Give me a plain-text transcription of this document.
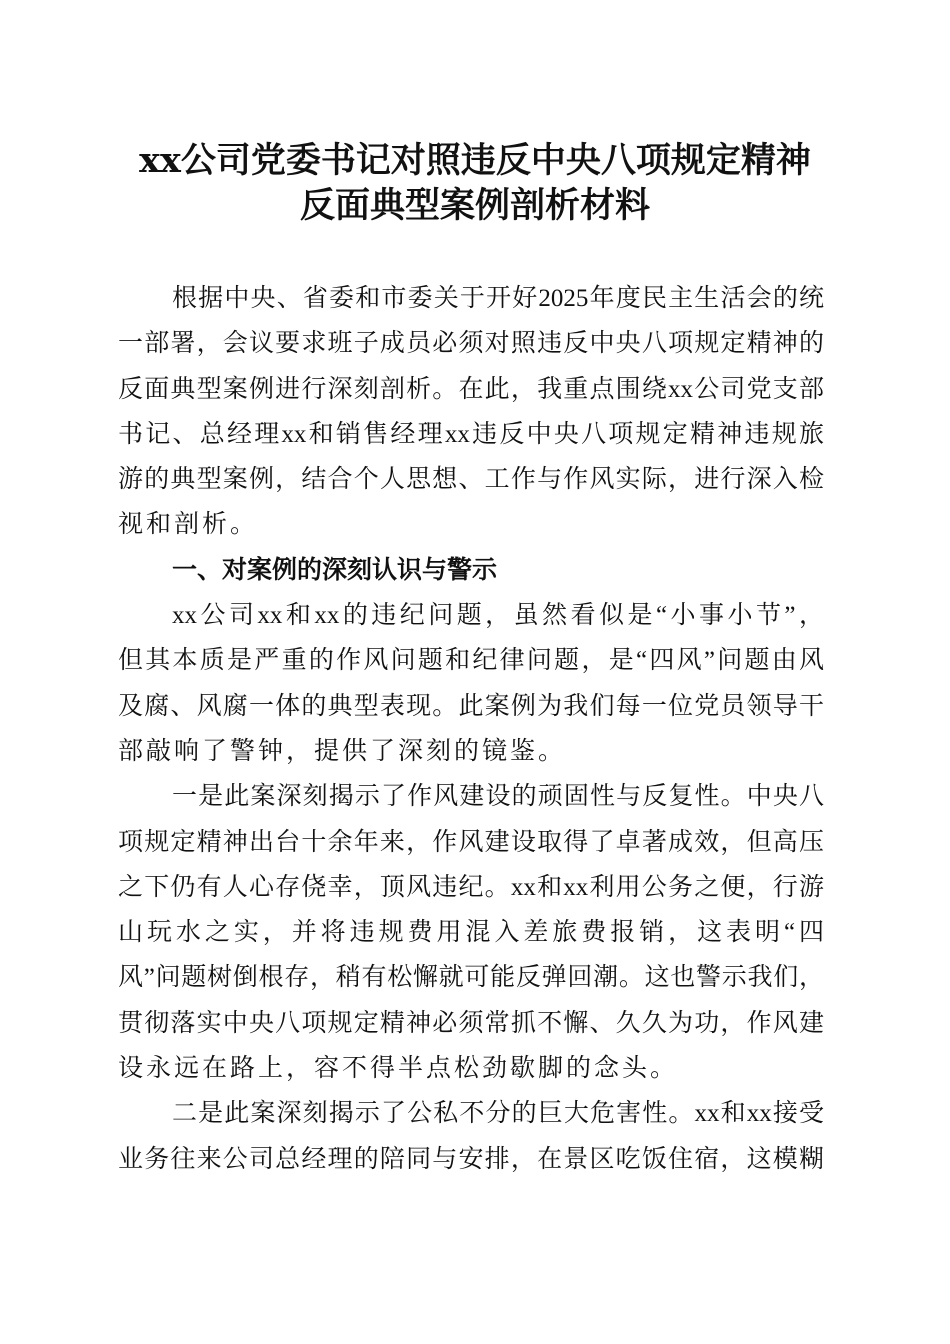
xx公司党委书记对照违反中央八项规定精神
反面典型案例剖析材料
根据中央、省委和市委关于开好2025年度民主生活会的统
一部署，会议要求班子成员必须对照违反中央八项规定精神的
反面典型案例进行深刻剖析。在此，我重点围绕xx公司党支部
书记、总经理xx和销售经理xx违反中央八项规定精神违规旅
游的典型案例，结合个人思想、工作与作风实际，进行深入检
视和剖析。
一、对案例的深刻认识与警示
xx公司xx和xx的违纪问题，虽然看似是“小事小节”，
但其本质是严重的作风问题和纪律问题，是“四风”问题由风
及腐、风腐一体的典型表现。此案例为我们每一位党员领导干
部敲响了警钟，提供了深刻的镜鉴。
一是此案深刻揭示了作风建设的顽固性与反复性。中央八
项规定精神出台十余年来，作风建设取得了卓著成效，但高压
之下仍有人心存侥幸，顶风违纪。xx和xx利用公务之便，行游
山玩水之实，并将违规费用混入差旅费报销，这表明“四
风”问题树倒根存，稍有松懈就可能反弹回潮。这也警示我们，
贯彻落实中央八项规定精神必须常抓不懈、久久为功，作风建
设永远在路上，容不得半点松劲歇脚的念头。
二是此案深刻揭示了公私不分的巨大危害性。xx和xx接受
业务往来公司总经理的陪同与安排，在景区吃饭住宿，这模糊
